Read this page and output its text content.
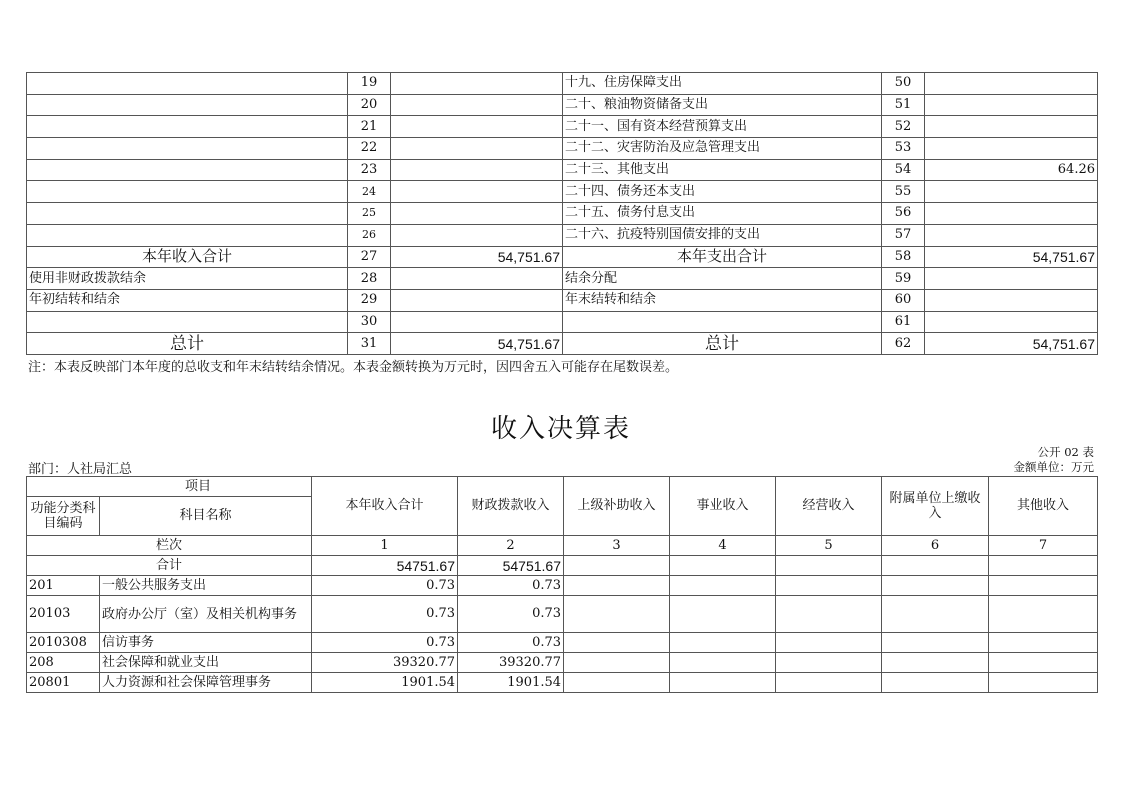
	19		十九、住房保障支出	50	
	20		二十、粮油物资储备支出	51	
	21		二十一、国有资本经营预算支出	52	
	22		二十二、灾害防治及应急管理支出	53	
	23		二十三、其他支出	54	64.26
	24		二十四、债务还本支出	55	
	25		二十五、债务付息支出	56	
	26		二十六、抗疫特别国债安排的支出	57	
本年收入合计	27	54,751.67	本年支出合计	58	54,751.67
使用非财政拨款结余	28		结余分配	59	
年初结转和结余	29		年末结转和结余	60	
	30			61	
总计	31	54,751.67	总计	62	54,751.67
注：本表反映部门本年度的总收支和年末结转结余情况。本表金额转换为万元时，因四舍五入可能存在尾数误差。
收入决算表
公开 02 表
部门：人社局汇总	金额单位：万元
项目		本年收入合计	财政拨款收入	上级补助收入	事业收入	经营收入	附属单位上缴收入	其他收入
功能分类科目编码	科目名称							
栏次		1	2	3	4	5	6	7
合计		54751.67	54751.67					
201	一般公共服务支出	0.73	0.73					
20103	政府办公厅（室）及相关机构事务	0.73	0.73					
2010308	信访事务	0.73	0.73					
208	社会保障和就业支出	39320.77	39320.77					
20801	人力资源和社会保障管理事务	1901.54	1901.54					
